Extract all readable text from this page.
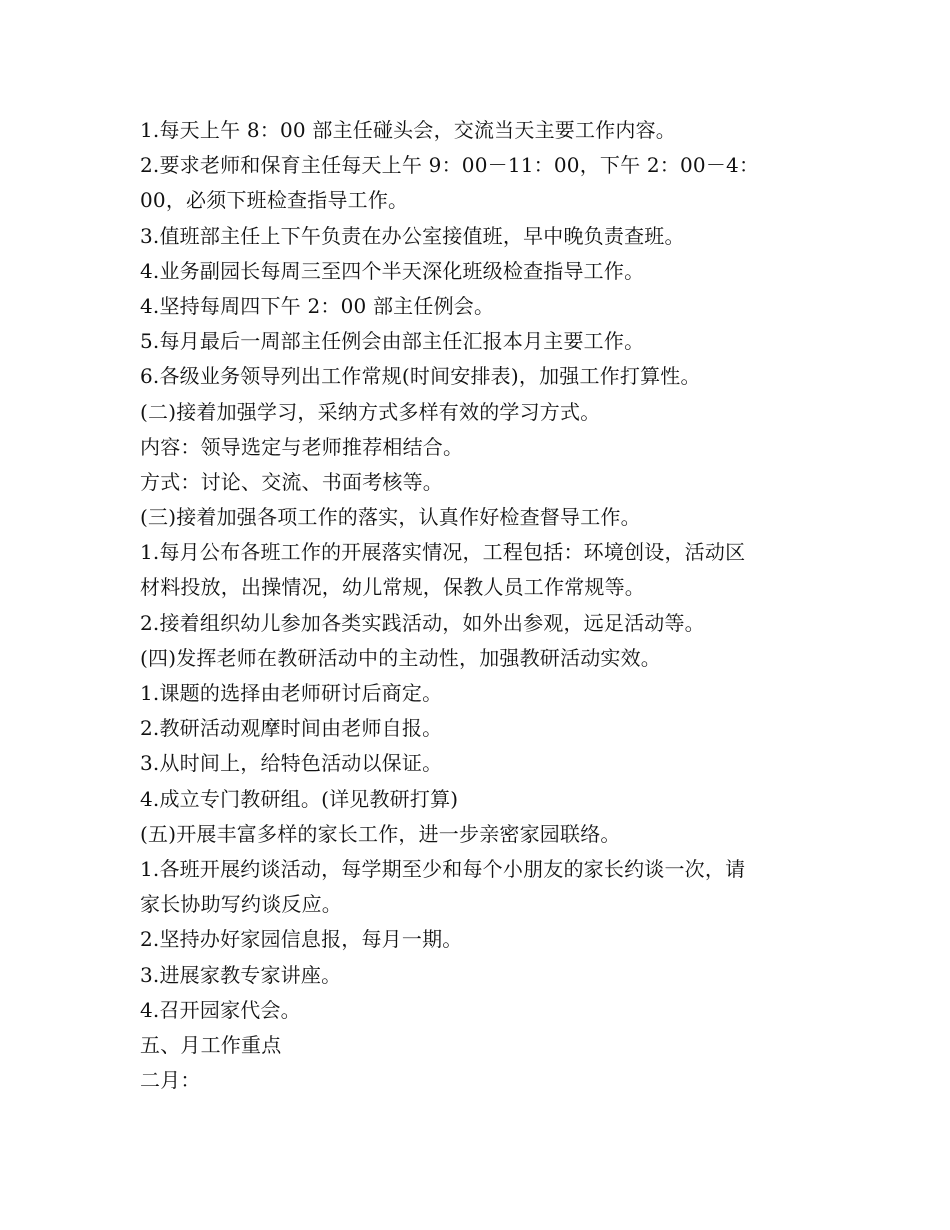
1.每天上午 8：00 部主任碰头会，交流当天主要工作内容。
2.要求老师和保育主任每天上午 9：00－11：00，下午 2：00－4：
00，必须下班检查指导工作。
3.值班部主任上下午负责在办公室接值班，早中晚负责查班。
4.业务副园长每周三至四个半天深化班级检查指导工作。
4.坚持每周四下午 2：00 部主任例会。
5.每月最后一周部主任例会由部主任汇报本月主要工作。
6.各级业务领导列出工作常规(时间安排表)，加强工作打算性。
(二)接着加强学习，采纳方式多样有效的学习方式。
内容：领导选定与老师推荐相结合。
方式：讨论、交流、书面考核等。
(三)接着加强各项工作的落实，认真作好检查督导工作。
1.每月公布各班工作的开展落实情况，工程包括：环境创设，活动区
材料投放，出操情况，幼儿常规，保教人员工作常规等。
2.接着组织幼儿参加各类实践活动，如外出参观，远足活动等。
(四)发挥老师在教研活动中的主动性，加强教研活动实效。
1.课题的选择由老师研讨后商定。
2.教研活动观摩时间由老师自报。
3.从时间上，给特色活动以保证。
4.成立专门教研组。(详见教研打算)
(五)开展丰富多样的家长工作，进一步亲密家园联络。
1.各班开展约谈活动，每学期至少和每个小朋友的家长约谈一次，请
家长协助写约谈反应。
2.坚持办好家园信息报，每月一期。
3.进展家教专家讲座。
4.召开园家代会。
五、月工作重点
二月：
